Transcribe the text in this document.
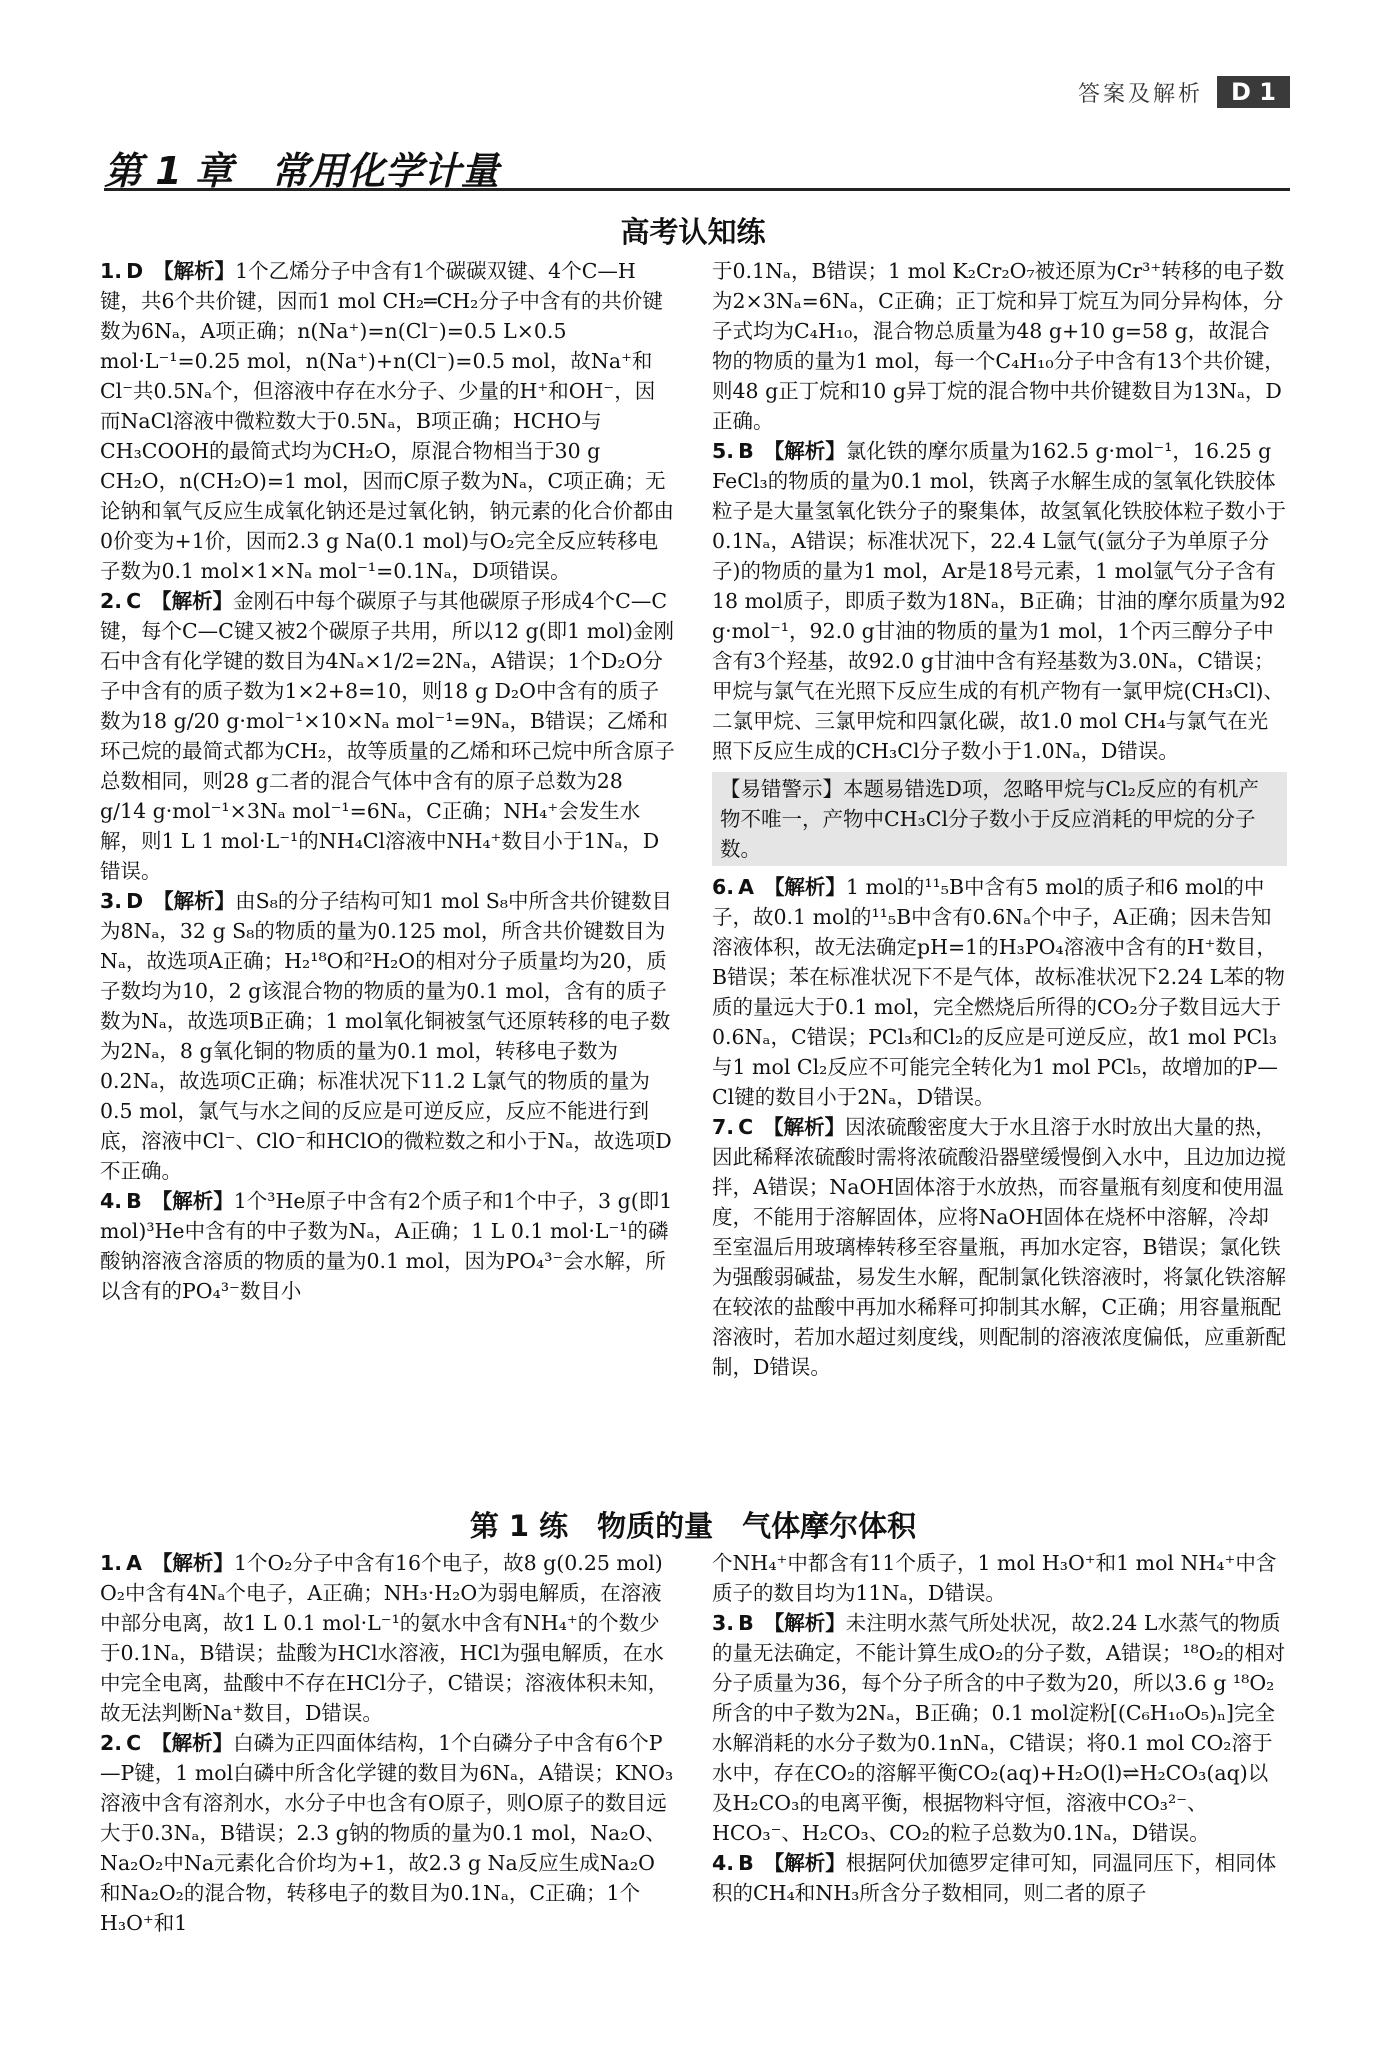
答案及解析	D 1
第 1 章　常用化学计量
高考认知练

1. D 【解析】1个乙烯分子中含有1个碳碳双键、4个C—H键，共6个共价键，因而1 mol CH₂═CH₂分子中含有的共价键数为6Nₐ，A项正确；n(Na⁺)=n(Cl⁻)=0.5 L×0.5 mol·L⁻¹=0.25 mol，n(Na⁺)+n(Cl⁻)=0.5 mol，故Na⁺和Cl⁻共0.5Nₐ个，但溶液中存在水分子、少量的H⁺和OH⁻，因而NaCl溶液中微粒数大于0.5Nₐ，B项正确；HCHO与CH₃COOH的最简式均为CH₂O，原混合物相当于30 g CH₂O，n(CH₂O)=1 mol，因而C原子数为Nₐ，C项正确；无论钠和氧气反应生成氧化钠还是过氧化钠，钠元素的化合价都由0价变为+1价，因而2.3 g Na(0.1 mol)与O₂完全反应转移电子数为0.1 mol×1×Nₐ mol⁻¹=0.1Nₐ，D项错误。

2. C 【解析】金刚石中每个碳原子与其他碳原子形成4个C—C键，每个C—C键又被2个碳原子共用，所以12 g(即1 mol)金刚石中含有化学键的数目为4Nₐ×1/2=2Nₐ，A错误；1个D₂O分子中含有的质子数为1×2+8=10，则18 g D₂O中含有的质子数为18 g/20 g·mol⁻¹×10×Nₐ mol⁻¹=9Nₐ，B错误；乙烯和环己烷的最简式都为CH₂，故等质量的乙烯和环己烷中所含原子总数相同，则28 g二者的混合气体中含有的原子总数为28 g/14 g·mol⁻¹×3Nₐ mol⁻¹=6Nₐ，C正确；NH₄⁺会发生水解，则1 L 1 mol·L⁻¹的NH₄Cl溶液中NH₄⁺数目小于1Nₐ，D错误。

3. D 【解析】由S₈的分子结构可知1 mol S₈中所含共价键数目为8Nₐ，32 g S₈的物质的量为0.125 mol，所含共价键数目为Nₐ，故选项A正确；H₂¹⁸O和²H₂O的相对分子质量均为20，质子数均为10，2 g该混合物的物质的量为0.1 mol，含有的质子数为Nₐ，故选项B正确；1 mol氧化铜被氢气还原转移的电子数为2Nₐ，8 g氧化铜的物质的量为0.1 mol，转移电子数为0.2Nₐ，故选项C正确；标准状况下11.2 L氯气的物质的量为0.5 mol，氯气与水之间的反应是可逆反应，反应不能进行到底，溶液中Cl⁻、ClO⁻和HClO的微粒数之和小于Nₐ，故选项D不正确。

4. B 【解析】1个³He原子中含有2个质子和1个中子，3 g(即1 mol)³He中含有的中子数为Nₐ，A正确；1 L 0.1 mol·L⁻¹的磷酸钠溶液含溶质的物质的量为0.1 mol，因为PO₄³⁻会水解，所以含有的PO₄³⁻数目小

于0.1Nₐ，B错误；1 mol K₂Cr₂O₇被还原为Cr³⁺转移的电子数为2×3Nₐ=6Nₐ，C正确；正丁烷和异丁烷互为同分异构体，分子式均为C₄H₁₀，混合物总质量为48 g+10 g=58 g，故混合物的物质的量为1 mol，每一个C₄H₁₀分子中含有13个共价键，则48 g正丁烷和10 g异丁烷的混合物中共价键数目为13Nₐ，D正确。

5. B 【解析】氯化铁的摩尔质量为162.5 g·mol⁻¹，16.25 g FeCl₃的物质的量为0.1 mol，铁离子水解生成的氢氧化铁胶体粒子是大量氢氧化铁分子的聚集体，故氢氧化铁胶体粒子数小于0.1Nₐ，A错误；标准状况下，22.4 L氩气(氩分子为单原子分子)的物质的量为1 mol，Ar是18号元素，1 mol氩气分子含有18 mol质子，即质子数为18Nₐ，B正确；甘油的摩尔质量为92 g·mol⁻¹，92.0 g甘油的物质的量为1 mol，1个丙三醇分子中含有3个羟基，故92.0 g甘油中含有羟基数为3.0Nₐ，C错误；甲烷与氯气在光照下反应生成的有机产物有一氯甲烷(CH₃Cl)、二氯甲烷、三氯甲烷和四氯化碳，故1.0 mol CH₄与氯气在光照下反应生成的CH₃Cl分子数小于1.0Nₐ，D错误。

【易错警示】本题易错选D项，忽略甲烷与Cl₂反应的有机产物不唯一，产物中CH₃Cl分子数小于反应消耗的甲烷的分子数。

6. A 【解析】1 mol的¹¹₅B中含有5 mol的质子和6 mol的中子，故0.1 mol的¹¹₅B中含有0.6Nₐ个中子，A正确；因未告知溶液体积，故无法确定pH=1的H₃PO₄溶液中含有的H⁺数目，B错误；苯在标准状况下不是气体，故标准状况下2.24 L苯的物质的量远大于0.1 mol，完全燃烧后所得的CO₂分子数目远大于0.6Nₐ，C错误；PCl₃和Cl₂的反应是可逆反应，故1 mol PCl₃与1 mol Cl₂反应不可能完全转化为1 mol PCl₅，故增加的P—Cl键的数目小于2Nₐ，D错误。

7. C 【解析】因浓硫酸密度大于水且溶于水时放出大量的热，因此稀释浓硫酸时需将浓硫酸沿器壁缓慢倒入水中，且边加边搅拌，A错误；NaOH固体溶于水放热，而容量瓶有刻度和使用温度，不能用于溶解固体，应将NaOH固体在烧杯中溶解，冷却至室温后用玻璃棒转移至容量瓶，再加水定容，B错误；氯化铁为强酸弱碱盐，易发生水解，配制氯化铁溶液时，将氯化铁溶解在较浓的盐酸中再加水稀释可抑制其水解，C正确；用容量瓶配溶液时，若加水超过刻度线，则配制的溶液浓度偏低，应重新配制，D错误。

第 1 练　物质的量　气体摩尔体积

1. A 【解析】1个O₂分子中含有16个电子，故8 g(0.25 mol) O₂中含有4Nₐ个电子，A正确；NH₃·H₂O为弱电解质，在溶液中部分电离，故1 L 0.1 mol·L⁻¹的氨水中含有NH₄⁺的个数少于0.1Nₐ，B错误；盐酸为HCl水溶液，HCl为强电解质，在水中完全电离，盐酸中不存在HCl分子，C错误；溶液体积未知，故无法判断Na⁺数目，D错误。

2. C 【解析】白磷为正四面体结构，1个白磷分子中含有6个P—P键，1 mol白磷中所含化学键的数目为6Nₐ，A错误；KNO₃溶液中含有溶剂水，水分子中也含有O原子，则O原子的数目远大于0.3Nₐ，B错误；2.3 g钠的物质的量为0.1 mol，Na₂O、Na₂O₂中Na元素化合价均为+1，故2.3 g Na反应生成Na₂O和Na₂O₂的混合物，转移电子的数目为0.1Nₐ，C正确；1个H₃O⁺和1

个NH₄⁺中都含有11个质子，1 mol H₃O⁺和1 mol NH₄⁺中含质子的数目均为11Nₐ，D错误。

3. B 【解析】未注明水蒸气所处状况，故2.24 L水蒸气的物质的量无法确定，不能计算生成O₂的分子数，A错误；¹⁸O₂的相对分子质量为36，每个分子所含的中子数为20，所以3.6 g ¹⁸O₂所含的中子数为2Nₐ，B正确；0.1 mol淀粉[(C₆H₁₀O₅)ₙ]完全水解消耗的水分子数为0.1nNₐ，C错误；将0.1 mol CO₂溶于水中，存在CO₂的溶解平衡CO₂(aq)+H₂O(l)⇌H₂CO₃(aq)以及H₂CO₃的电离平衡，根据物料守恒，溶液中CO₃²⁻、HCO₃⁻、H₂CO₃、CO₂的粒子总数为0.1Nₐ，D错误。

4. B 【解析】根据阿伏加德罗定律可知，同温同压下，相同体积的CH₄和NH₃所含分子数相同，则二者的原子
